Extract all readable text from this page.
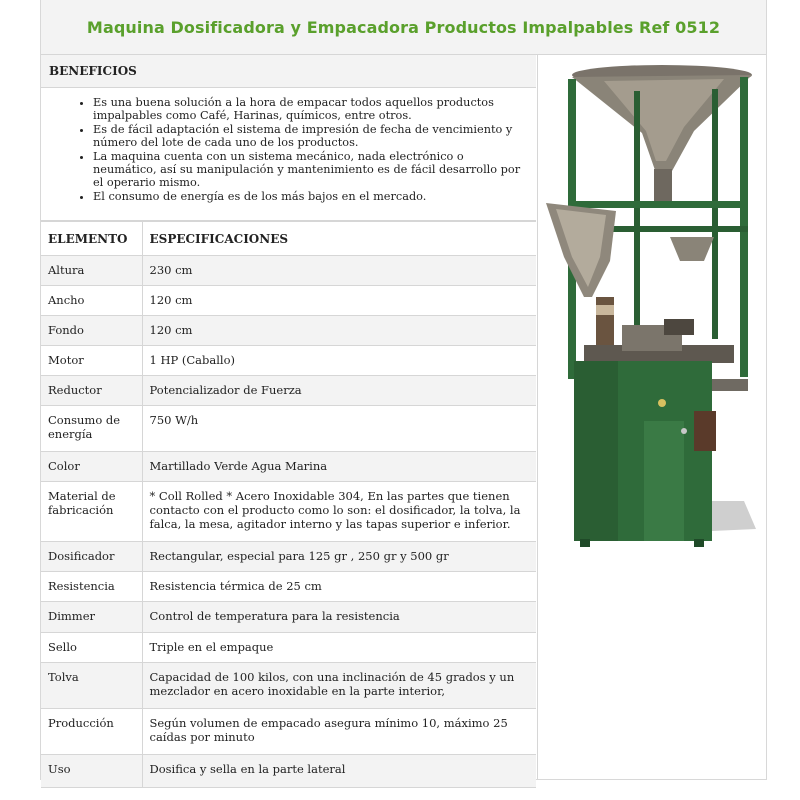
Maquina Dosificadora y Empacadora Productos Impalpables Ref 0512
BENEFICIOS
• Es una buena solución a la hora de empacar todos aquellos productos impalpables como Café, Harinas, químicos, entre otros.
• Es de fácil adaptación el sistema de impresión de fecha de vencimiento y número del lote de cada uno de los productos.
• La maquina cuenta con un sistema mecánico, nada electrónico o neumático, así su manipulación y mantenimiento es de fácil desarrollo por el operario mismo.
• El consumo de energía es de los más bajos en el mercado.
ELEMENTO	ESPECIFICACIONES
Altura	230 cm
Ancho	120 cm
Fondo	120 cm
Motor	1 HP (Caballo)
Reductor	Potencializador de Fuerza
Consumo de energía	750 W/h
Color	Martillado Verde Agua Marina
Material de fabricación	* Coll Rolled * Acero Inoxidable 304, En las partes que tienen contacto con el producto como lo son: el dosificador, la tolva, la falca, la mesa, agitador interno y las tapas superior e inferior.
Dosificador	Rectangular, especial para 125 gr , 250 gr y 500 gr
Resistencia	Resistencia térmica de 25 cm
Dimmer	Control de temperatura para la resistencia
Sello	Triple en el empaque
Tolva	Capacidad de 100 kilos, con una inclinación de 45 grados y un mezclador en acero inoxidable en la parte interior,
Producción	Según volumen de empacado asegura mínimo 10, máximo 25 caídas por minuto
Uso	Dosifica y sella en la parte lateral
